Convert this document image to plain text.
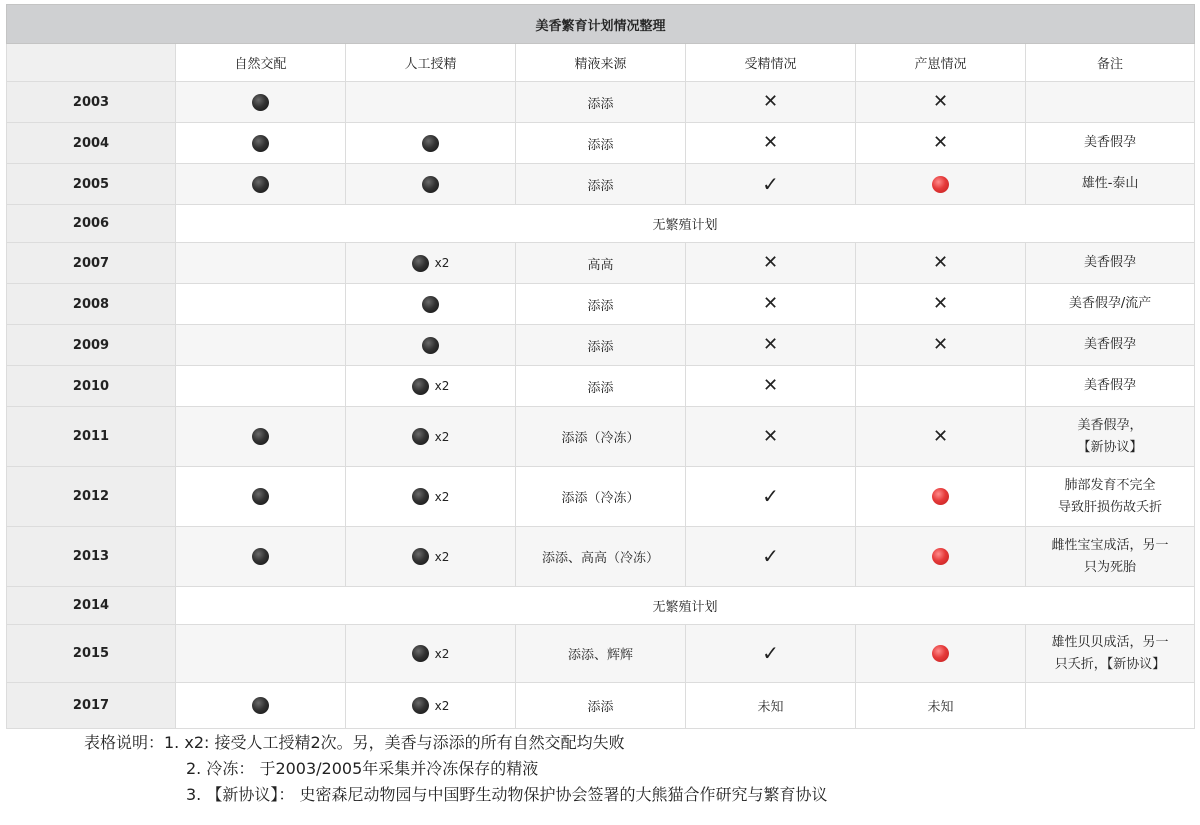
美香繁育计划情况整理						
	自然交配	人工授精	精液来源	受精情况	产崽情况	备注
2003			添添	✕	✕	
2004			添添	✕	✕	美香假孕

2005			添添	✓		雄性-泰山

2006	无繁殖计划					
2007		x2	高高	✕	✕	美香假孕

2008			添添	✕	✕	美香假孕/流产

2009			添添	✕	✕	美香假孕

2010		x2	添添	✕		美香假孕

2011		x2	添添（冷冻）	✕	✕	美香假孕，
【新协议】

2012		x2	添添（冷冻）	✓		肺部发育不完全
导致肝损伤故夭折

2013		x2	添添、高高（冷冻）	✓		雌性宝宝成活，另一
只为死胎

2014	无繁殖计划					
2015		x2	添添、辉辉	✓		雄性贝贝成活，另一
只夭折，【新协议】

2017		x2	添添	未知	未知	
表格说明：1. x2: 接受人工授精2次。另，美香与添添的所有自然交配均失败
2. 冷冻： 于2003/2005年采集并冷冻保存的精液
3. 【新协议】： 史密森尼动物园与中国野生动物保护协会签署的大熊猫合作研究与繁育协议
